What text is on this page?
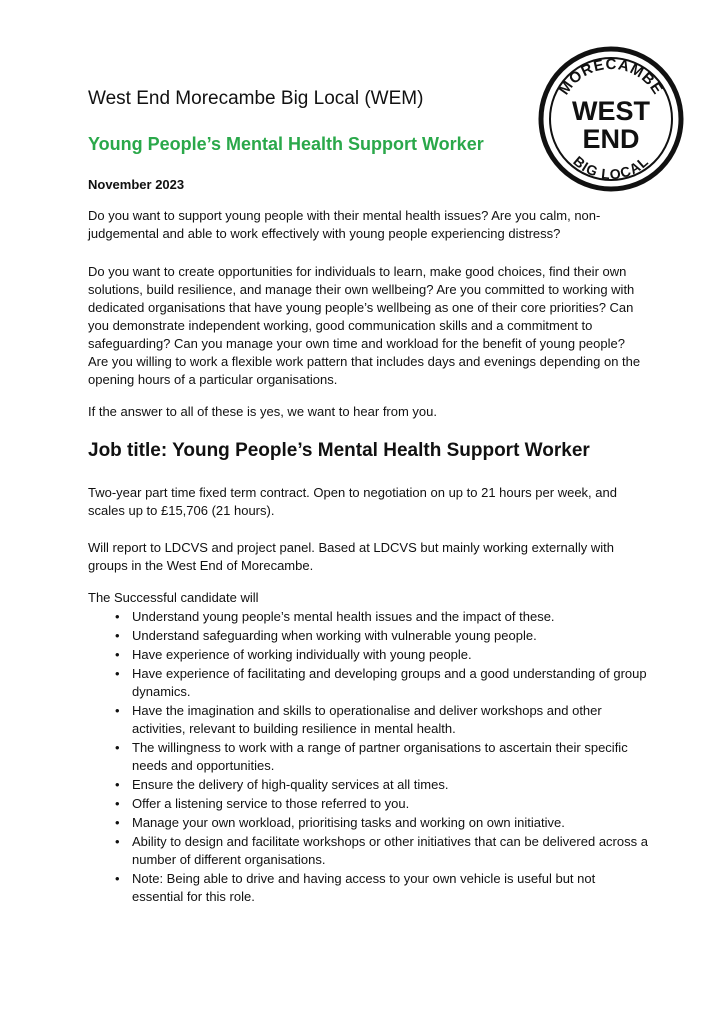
West End Morecambe Big Local (WEM)
Young People’s Mental Health Support Worker
November 2023
MORECAMBE
WEST
END
BIG LOCAL

Do you want to support young people with their mental health issues? Are you calm, non-judgemental and able to work effectively with young people experiencing distress?

Do you want to create opportunities for individuals to learn, make good choices, find their own solutions, build resilience, and manage their own wellbeing? Are you committed to working with dedicated organisations that have young people’s wellbeing as one of their core priorities? Can you demonstrate independent working, good communication skills and a commitment to safeguarding? Can you manage your own time and workload for the benefit of young people? Are you willing to work a flexible work pattern that includes days and evenings depending on the opening hours of a particular organisations.

If the answer to all of these is yes, we want to hear from you.

Job title: Young People’s Mental Health Support Worker

Two-year part time fixed term contract. Open to negotiation on up to 21 hours per week, and scales up to £15,706 (21 hours).

Will report to LDCVS and project panel. Based at LDCVS but mainly working externally with groups in the West End of Morecambe.

The Successful candidate will
• Understand young people’s mental health issues and the impact of these.
• Understand safeguarding when working with vulnerable young people.
• Have experience of working individually with young people.
• Have experience of facilitating and developing groups and a good understanding of group dynamics.
• Have the imagination and skills to operationalise and deliver workshops and other activities, relevant to building resilience in mental health.
• The willingness to work with a range of partner organisations to ascertain their specific needs and opportunities.
• Ensure the delivery of high-quality services at all times.
• Offer a listening service to those referred to you.
• Manage your own workload, prioritising tasks and working on own initiative.
• Ability to design and facilitate workshops or other initiatives that can be delivered across a number of different organisations.
• Note: Being able to drive and having access to your own vehicle is useful but not essential for this role.
